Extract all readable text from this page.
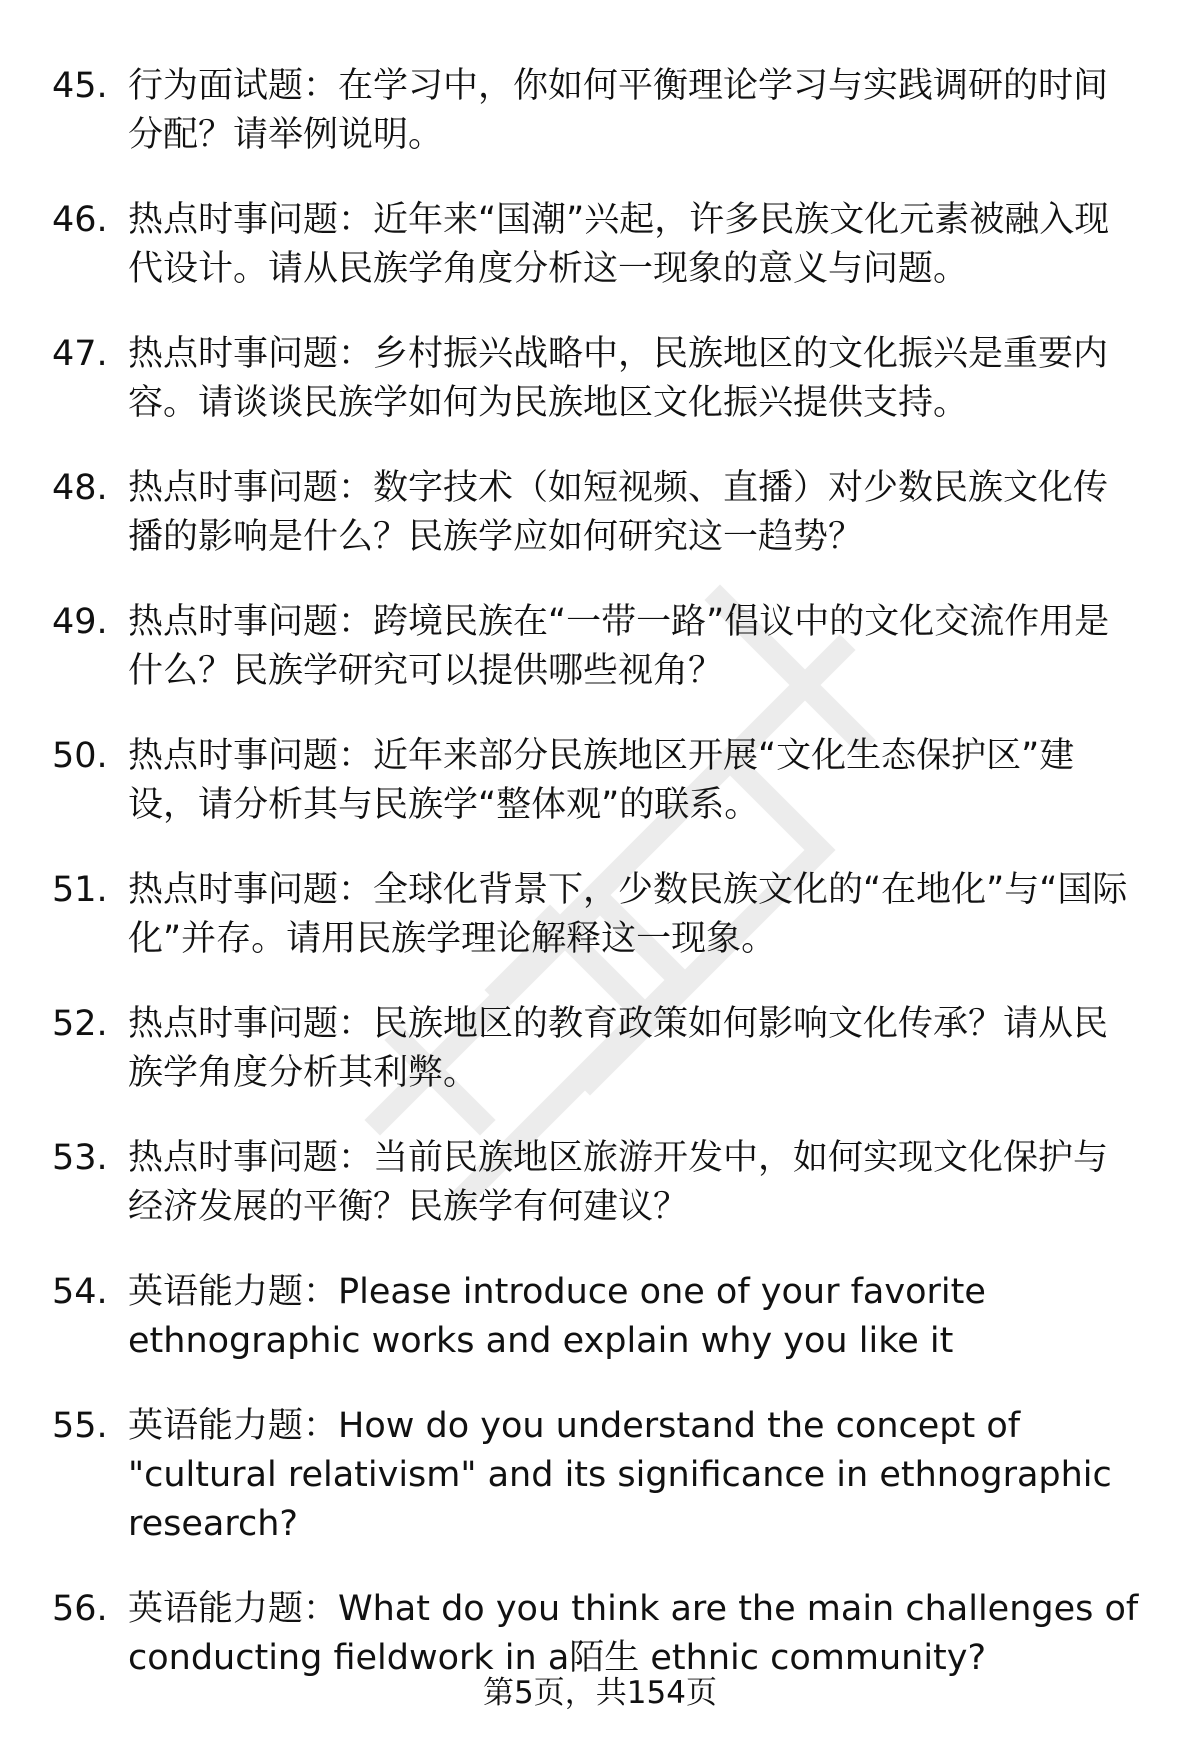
45. 行为面试题：在学习中，你如何平衡理论学习与实践调研的时间分配？请举例说明。
46. 热点时事问题：近年来“国潮”兴起，许多民族文化元素被融入现代设计。请从民族学角度分析这一现象的意义与问题。
47. 热点时事问题：乡村振兴战略中，民族地区的文化振兴是重要内容。请谈谈民族学如何为民族地区文化振兴提供支持。
48. 热点时事问题：数字技术（如短视频、直播）对少数民族文化传播的影响是什么？民族学应如何研究这一趋势？
49. 热点时事问题：跨境民族在“一带一路”倡议中的文化交流作用是什么？民族学研究可以提供哪些视角？
50. 热点时事问题：近年来部分民族地区开展“文化生态保护区”建设，请分析其与民族学“整体观”的联系。
51. 热点时事问题：全球化背景下，少数民族文化的“在地化”与“国际化”并存。请用民族学理论解释这一现象。
52. 热点时事问题：民族地区的教育政策如何影响文化传承？请从民族学角度分析其利弊。
53. 热点时事问题：当前民族地区旅游开发中，如何实现文化保护与经济发展的平衡？民族学有何建议？
54. 英语能力题：Please introduce one of your favorite ethnographic works and explain why you like it
55. 英语能力题：How do you understand the concept of "cultural relativism" and its significance in ethnographic research?
56. 英语能力题：What do you think are the main challenges of conducting fieldwork in a陌生 ethnic community?
第5页，共154页
